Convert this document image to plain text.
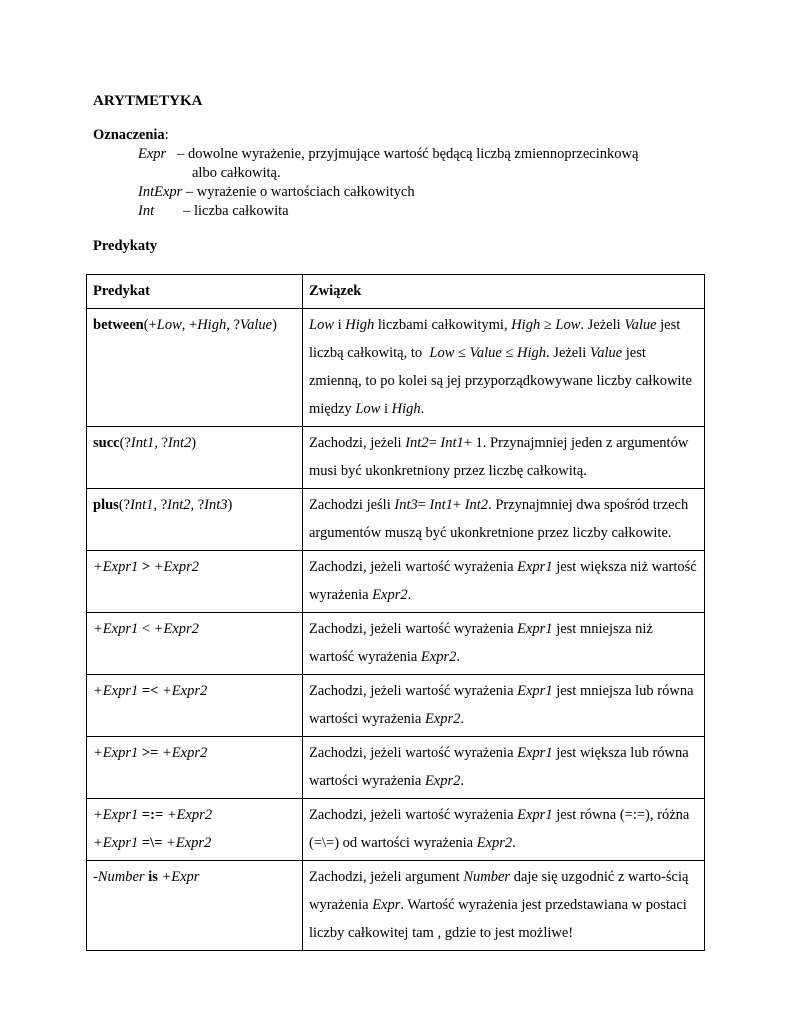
ARYTMETYKA
Oznaczenia:
Expr   – dowolne wyrażenie, przyjmujące wartość będącą liczbą zmiennoprzecinkową
albo całkowitą.
IntExpr – wyrażenie o wartościach całkowitych
Int        – liczba całkowita
Predykaty
Predykat	Związek
between(+Low, +High, ?Value)	Low i High liczbami całkowitymi, High ≥ Low. Jeżeli Value jest liczbą całkowitą, to  Low ≤ Value ≤ High. Jeżeli Value jest zmienną, to po kolei są jej przyporządkowywane liczby całkowite między Low i High.
succ(?Int1, ?Int2)	Zachodzi, jeżeli Int2= Int1+ 1. Przynajmniej jeden z argumentów musi być ukonkretniony przez liczbę całkowitą.
plus(?Int1, ?Int2, ?Int3)	Zachodzi jeśli Int3= Int1+ Int2. Przynajmniej dwa spośród trzech argumentów muszą być ukonkretnione przez liczby całkowite.
+Expr1 > +Expr2	Zachodzi, jeżeli wartość wyrażenia Expr1 jest większa niż wartość wyrażenia Expr2.
+Expr1 < +Expr2	Zachodzi, jeżeli wartość wyrażenia Expr1 jest mniejsza niż wartość wyrażenia Expr2.
+Expr1 =< +Expr2	Zachodzi, jeżeli wartość wyrażenia Expr1 jest mniejsza lub równa wartości wyrażenia Expr2.
+Expr1 >= +Expr2	Zachodzi, jeżeli wartość wyrażenia Expr1 jest większa lub równa wartości wyrażenia Expr2.

+Expr1 =:= +Expr2
+Expr1 =\= +Expr2	Zachodzi, jeżeli wartość wyrażenia Expr1 jest równa (=:=), różna (=\=) od wartości wyrażenia Expr2.
-Number is +Expr	Zachodzi, jeżeli argument Number daje się uzgodnić z warto-ścią wyrażenia Expr. Wartość wyrażenia jest przedstawiana w postaci liczby całkowitej tam , gdzie to jest możliwe!
